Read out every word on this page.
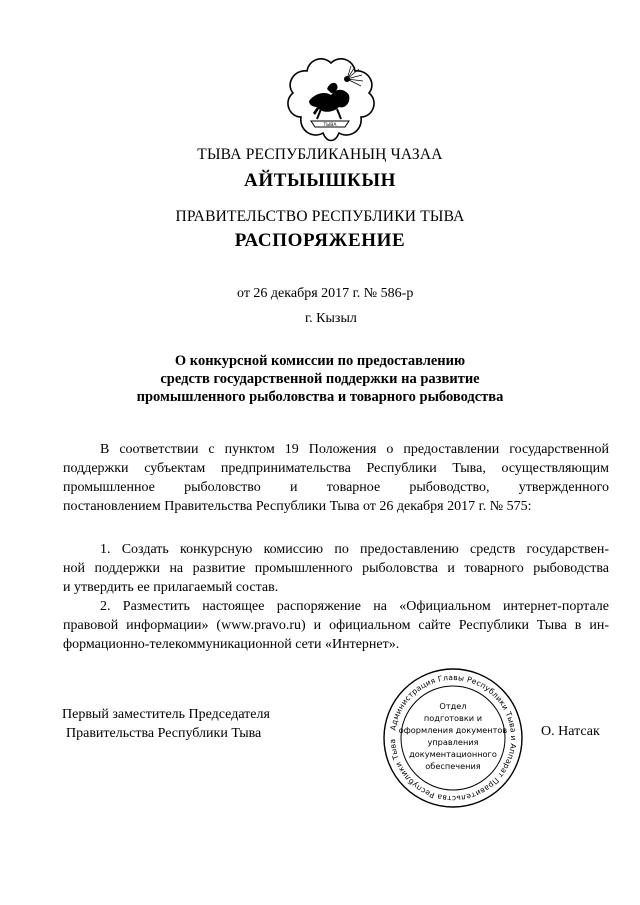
ТЫВА
ТЫВА РЕСПУБЛИКАНЫҢ ЧАЗАА
АЙТЫЫШКЫН
ПРАВИТЕЛЬСТВО РЕСПУБЛИКИ ТЫВА
РАСПОРЯЖЕНИЕ
от 26 декабря 2017 г. № 586-р
г. Кызыл
О конкурсной комиссии по предоставлению
средств государственной поддержки на развитие
промышленного рыболовства и товарного рыбоводства
В соответствии с пунктом 19 Положения о предоставлении государственной
поддержки субъектам предпринимательства Республики Тыва, осуществляющим
промышленное рыболовство и товарное рыбоводство, утвержденного
постановлением Правительства Республики Тыва от 26 декабря 2017 г. № 575:
1. Создать конкурсную комиссию по предоставлению средств государствен-
ной поддержки на развитие промышленного рыболовства и товарного рыбоводства
и утвердить ее прилагаемый состав.
2. Разместить настоящее распоряжение на «Официальном интернет-портале
правовой информации» (www.pravo.ru) и официальном сайте Республики Тыва в ин-
формационно-телекоммуникационной сети «Интернет».
Первый заместитель Председателя
Правительства Республики Тыва	О. Натсак
Администрация Главы Республики Тыва и Аппарат Правительства Республики Тыва
Отдел
подготовки и
оформления документов
управления
документационного
обеспечения
